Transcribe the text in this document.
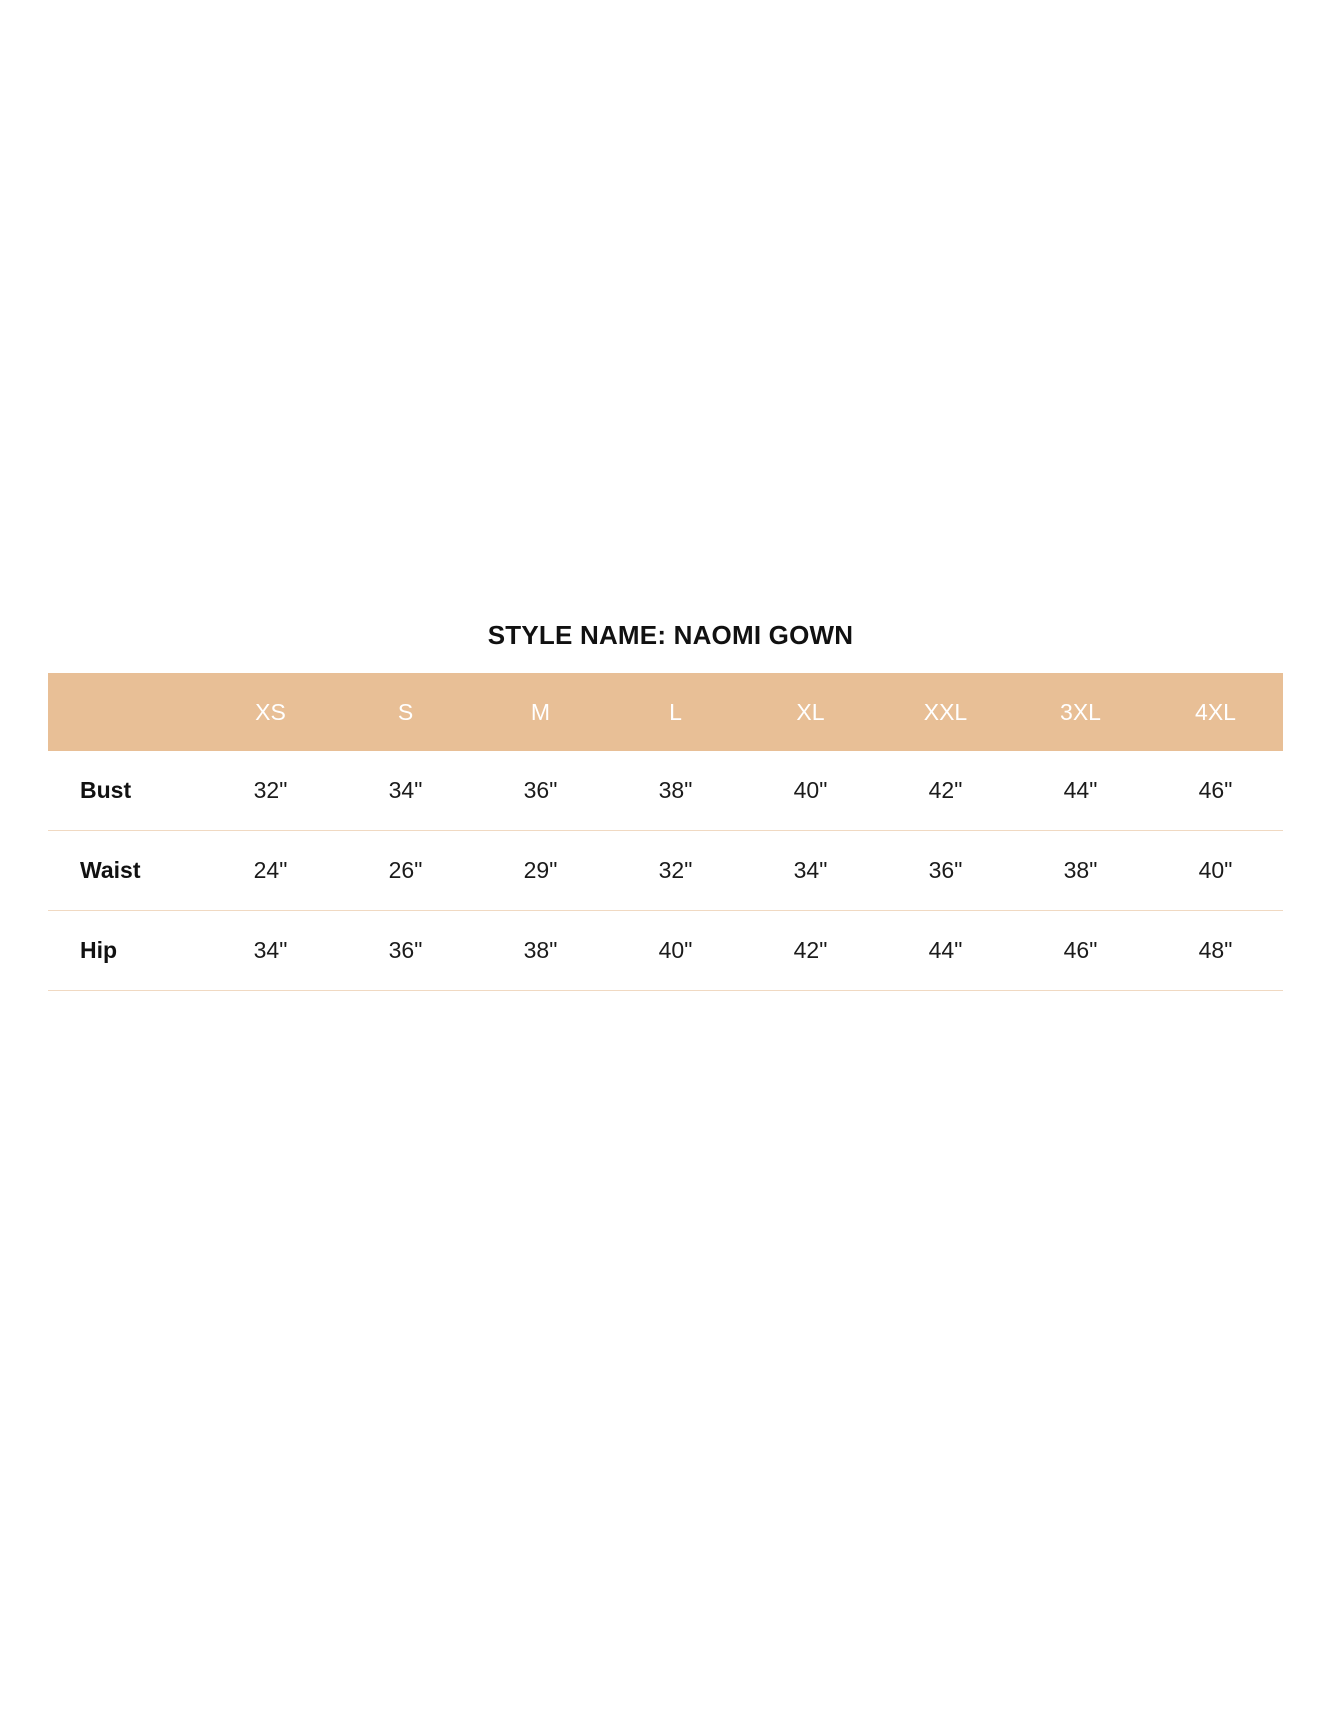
STYLE NAME: NAOMI GOWN
	XS	S	M	L	XL	XXL	3XL	4XL
Bust	32"	34"	36"	38"	40"	42"	44"	46"
Waist	24"	26"	29"	32"	34"	36"	38"	40"
Hip	34"	36"	38"	40"	42"	44"	46"	48"
